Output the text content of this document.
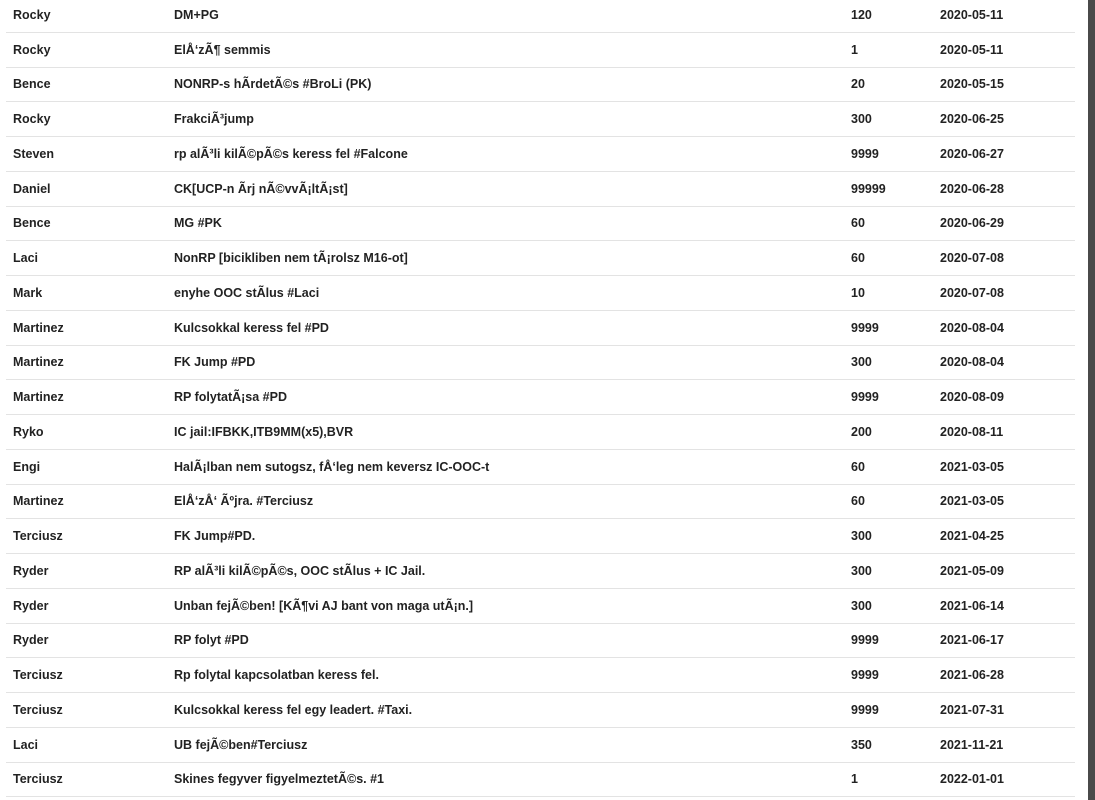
Rocky	DM+PG	120	2020-05-11
Rocky	ElÅ‘zÃ¶ semmis	1	2020-05-11
Bence	NONRP-s hÃrdetÃ©s #BroLi (PK)	20	2020-05-15
Rocky	FrakciÃ³jump	300	2020-06-25
Steven	rp alÃ³li kilÃ©pÃ©s keress fel #Falcone	9999	2020-06-27
Daniel	CK[UCP-n Ãrj nÃ©vvÃ¡ltÃ¡st]	99999	2020-06-28
Bence	MG #PK	60	2020-06-29
Laci	NonRP [bicikliben nem tÃ¡rolsz M16-ot]	60	2020-07-08
Mark	enyhe OOC stÃlus #Laci	10	2020-07-08
Martinez	Kulcsokkal keress fel #PD	9999	2020-08-04
Martinez	FK Jump #PD	300	2020-08-04
Martinez	RP folytatÃ¡sa #PD	9999	2020-08-09
Ryko	IC jail:IFBKK,ITB9MM(x5),BVR	200	2020-08-11
Engi	HalÃ¡lban nem sutogsz, fÅ‘leg nem keversz IC-OOC-t	60	2021-03-05
Martinez	ElÅ‘zÅ‘ Ãºjra. #Terciusz	60	2021-03-05
Terciusz	FK Jump#PD.	300	2021-04-25
Ryder	RP alÃ³li kilÃ©pÃ©s, OOC stÃlus + IC Jail.	300	2021-05-09
Ryder	Unban fejÃ©ben! [KÃ¶vi AJ bant von maga utÃ¡n.]	300	2021-06-14
Ryder	RP folyt #PD	9999	2021-06-17
Terciusz	Rp folytal kapcsolatban keress fel.	9999	2021-06-28
Terciusz	Kulcsokkal keress fel egy leadert. #Taxi.	9999	2021-07-31
Laci	UB fejÃ©ben#Terciusz	350	2021-11-21
Terciusz	Skines fegyver figyelmeztetÃ©s. #1	1	2022-01-01
